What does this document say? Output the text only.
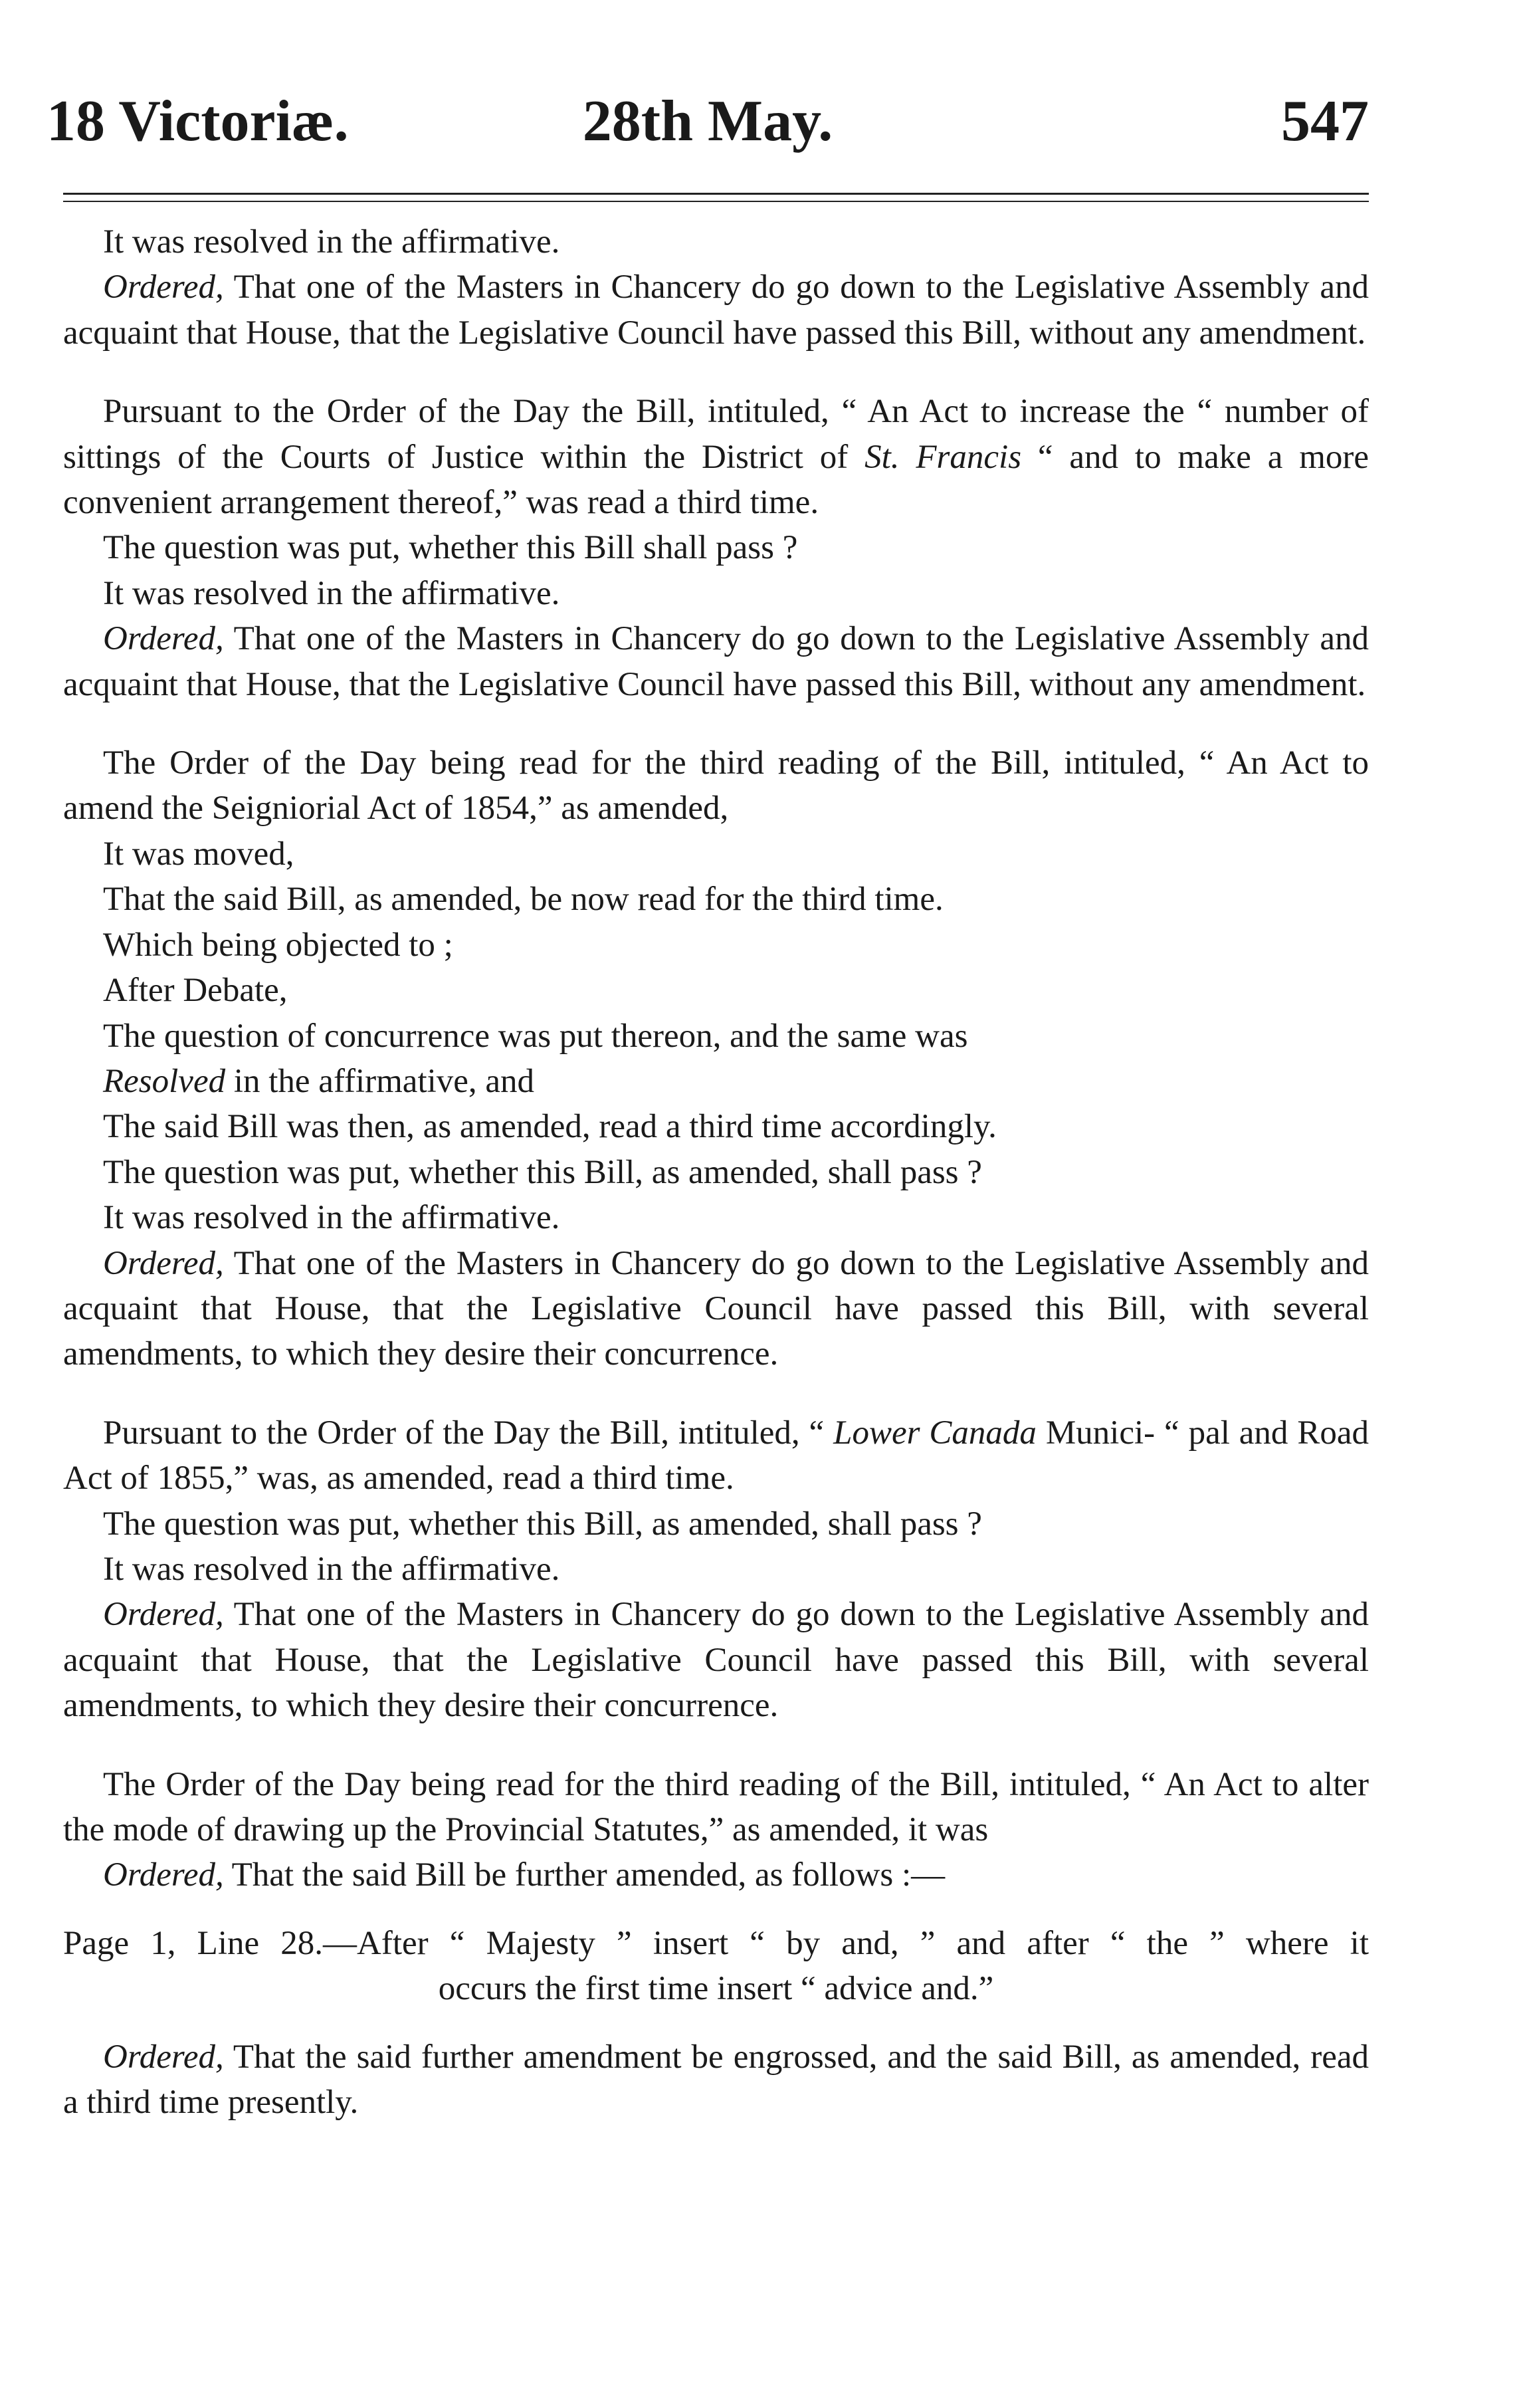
18 Victoriæ.	28th May.	547

It was resolved in the affirmative.

Ordered, That one of the Masters in Chancery do go down to the Legislative Assembly and acquaint that House, that the Legislative Council have passed this Bill, without any amendment.

Pursuant to the Order of the Day the Bill, intituled, “ An Act to increase the “ number of sittings of the Courts of Justice within the District of St. Francis “ and to make a more convenient arrangement thereof,” was read a third time.

The question was put, whether this Bill shall pass ?

It was resolved in the affirmative.

Ordered, That one of the Masters in Chancery do go down to the Legislative Assembly and acquaint that House, that the Legislative Council have passed this Bill, without any amendment.

The Order of the Day being read for the third reading of the Bill, intituled, “ An Act to amend the Seigniorial Act of 1854,” as amended,

It was moved,

That the said Bill, as amended, be now read for the third time.

Which being objected to ;

After Debate,

The question of concurrence was put thereon, and the same was

Resolved in the affirmative, and

The said Bill was then, as amended, read a third time accordingly.

The question was put, whether this Bill, as amended, shall pass ?

It was resolved in the affirmative.

Ordered, That one of the Masters in Chancery do go down to the Legislative Assembly and acquaint that House, that the Legislative Council have passed this Bill, with several amendments, to which they desire their concurrence.

Pursuant to the Order of the Day the Bill, intituled, “ Lower Canada Munici- “ pal and Road Act of 1855,” was, as amended, read a third time.

The question was put, whether this Bill, as amended, shall pass ?

It was resolved in the affirmative.

Ordered, That one of the Masters in Chancery do go down to the Legislative Assembly and acquaint that House, that the Legislative Council have passed this Bill, with several amendments, to which they desire their concurrence.

The Order of the Day being read for the third reading of the Bill, intituled, “ An Act to alter the mode of drawing up the Provincial Statutes,” as amended, it was

Ordered, That the said Bill be further amended, as follows :—

Page 1, Line 28.—After “ Majesty ” insert “ by and, ” and after “ the ” where it
occurs the first time insert “ advice and.”

Ordered, That the said further amendment be engrossed, and the said Bill, as amended, read a third time presently.
